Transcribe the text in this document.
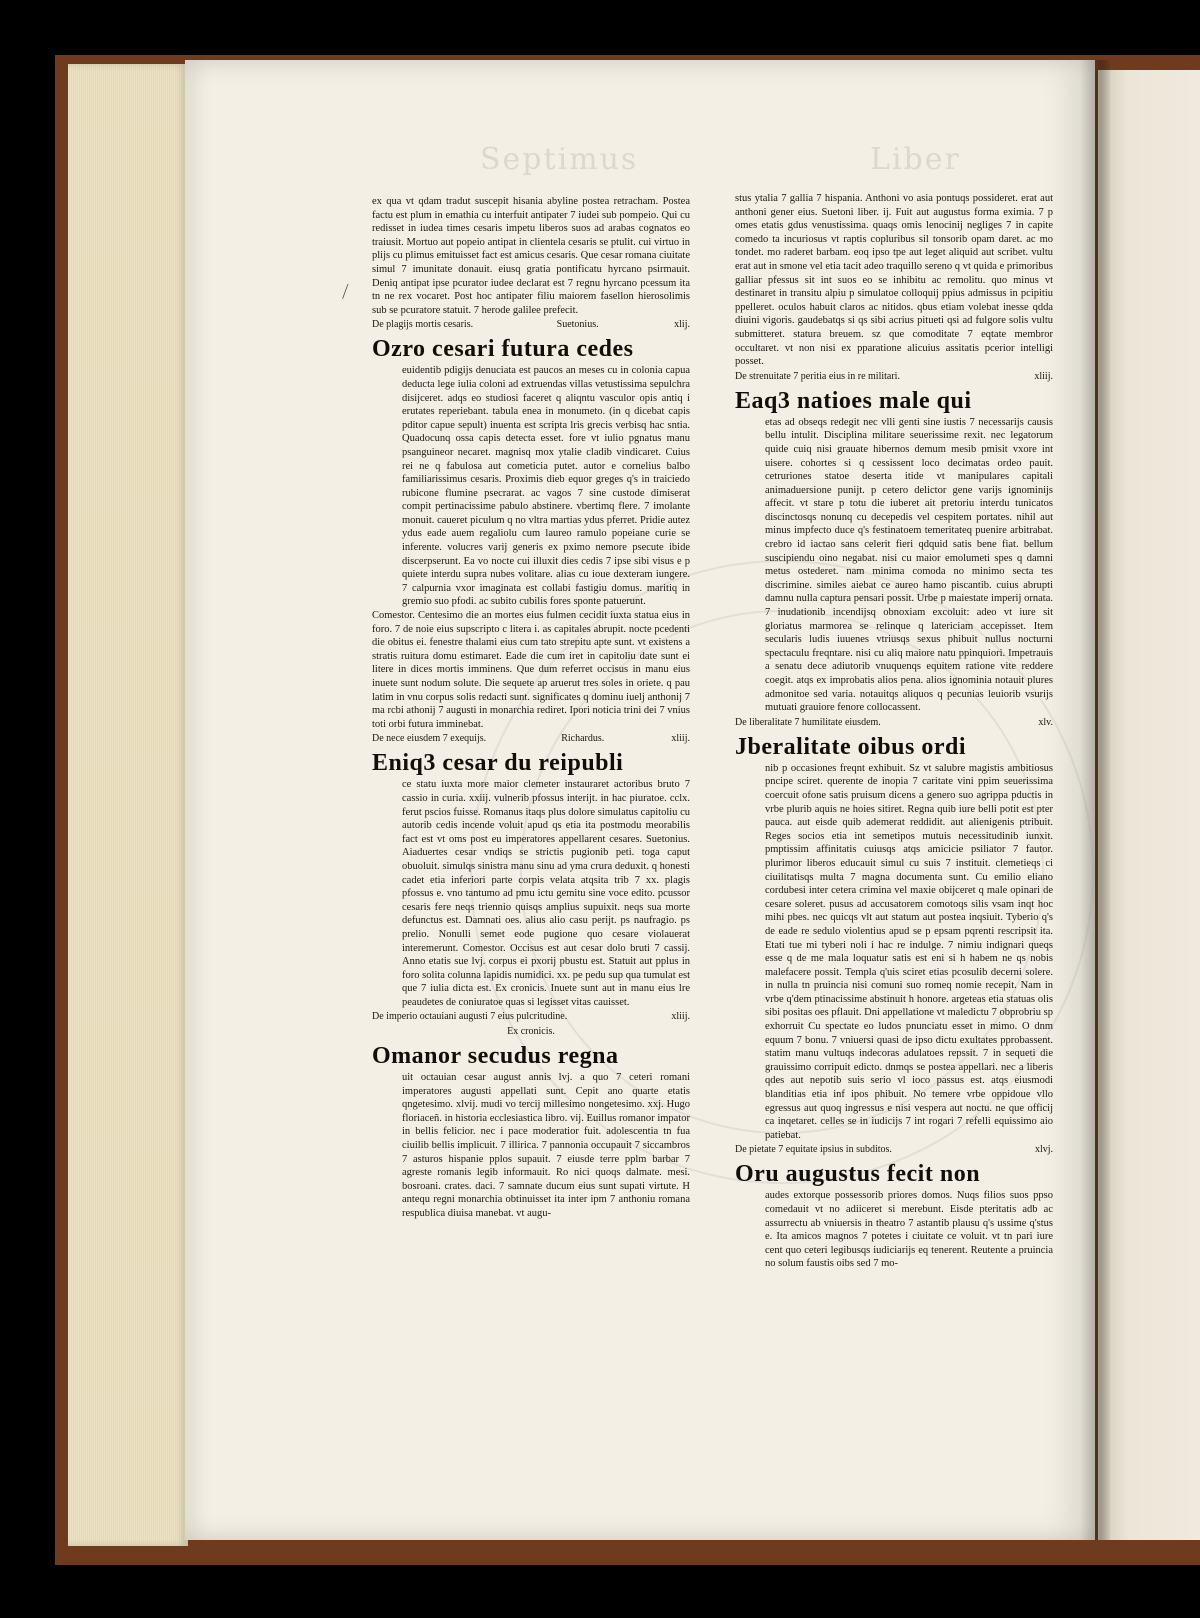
Septimus	Liber
⟋

ex qua vt qdam tradut suscepit hisania abyline postea retracham. Postea factu est plum in emathia cu interfuit antipater 7 iudei sub pompeio. Qui cu redisset in iudea times cesaris impetu liberos suos ad arabas cognatos eo traiusit. Mortuo aut popeio antipat in clientela cesaris se ptulit. cui virtuo in plijs cu plimus emituisset fact est amicus cesaris. Que cesar romana ciuitate simul 7 imunitate donauit. eiusq gratia pontificatu hyrcano psirmauit. Deniq antipat ipse pcurator iudee declarat est 7 regnu hyrcano pcessum ita tn ne rex vocaret. Post hoc antipater filiu maiorem fasellon hierosolimis sub se pcuratore statuit. 7 herode galilee prefecit.

De plagijs mortis cesaris.	Suetonius.	xlij.
Ozro cesari futura cedes

euidentib pdigijs denuciata est paucos an meses cu in colonia capua deducta lege iulia coloni ad extruendas villas vetustissima sepulchra disijceret. adqs eo studiosi faceret q aliqntu vasculor opis antiq i erutates reperiebant. tabula enea in monumeto. (in q dicebat capis pditor capue sepult) inuenta est scripta lris grecis verbisq hac sntia. Quadocunq ossa capis detecta esset. fore vt iulio pgnatus manu psanguineor necaret. magnisq mox ytalie cladib vindicaret. Cuius rei ne q fabulosa aut cometicia putet. autor e cornelius balbo familiarissimus cesaris. Proximis dieb equor greges q's in traiciedo rubicone flumine psecrarat. ac vagos 7 sine custode dimiserat compit pertinacissime pabulo abstinere. vbertimq flere. 7 imolante monuit. caueret piculum q no vltra martias ydus pferret. Pridie autez ydus eade auem regaliolu cum laureo ramulo popeiane curie se inferente. volucres varij generis ex pximo nemore psecute ibide discerpserunt. Ea vo nocte cui illuxit dies cedis 7 ipse sibi visus e p quiete interdu supra nubes volitare. alias cu ioue dexteram iungere. 7 calpurnia vxor imaginata est collabi fastigiu domus. maritiq in gremio suo pfodi. ac subito cubilis fores sponte patuerunt.

Comestor. Centesimo die an mortes eius fulmen cecidit iuxta statua eius in foro. 7 de noie eius supscripto c litera i. as capitales abrupit. nocte pcedenti die obitus ei. fenestre thalami eius cum tato strepitu apte sunt. vt existens a stratis ruitura domu estimaret. Eade die cum iret in capitoliu date sunt ei litere in dices mortis imminens. Que dum referret occisus in manu eius inuete sunt nodum solute. Die sequete ap aruerut tres soles in oriete. q pau latim in vnu corpus solis redacti sunt. significates q dominu iuelj anthonij 7 ma rcbi athonij 7 augusti in monarchia rediret. Ipori noticia trini dei 7 vnius toti orbi futura imminebat.

De nece eiusdem 7 exequijs.	Richardus.	xliij.
Eniq3 cesar du reipubli

ce statu iuxta more maior clemeter instauraret actoribus bruto 7 cassio in curia. xxiij. vulnerib pfossus interijt. in hac piuratoe. cclx. ferut pscios fuisse. Romanus itaqs plus dolore simulatus capitoliu cu autorib cedis incende voluit apud qs etia ita postmodu meorabilis fact est vt oms post eu imperatores appellarent cesares. Suetonius. Aiaduertes cesar vndiqs se strictis pugionib peti. toga caput obuoluit. simulqs sinistra manu sinu ad yma crura deduxit. q honesti cadet etia inferiori parte corpis velata atqsita trib 7 xx. plagis pfossus e. vno tantumo ad pmu ictu gemitu sine voce edito. pcussor cesaris fere neqs triennio quisqs amplius supuixit. neqs sua morte defunctus est. Damnati oes. alius alio casu perijt. ps naufragio. ps prelio. Nonulli semet eode pugione quo cesare violauerat interemerunt. Comestor. Occisus est aut cesar dolo bruti 7 cassij. Anno etatis sue lvj. corpus ei pxorij pbustu est. Statuit aut pplus in foro solita colunna lapidis numidici. xx. pe pedu sup qua tumulat est que 7 iulia dicta est. Ex cronicis. Inuete sunt aut in manu eius lre peaudetes de coniuratoe quas si legisset vitas cauisset.

De imperio octauiani augusti 7 eius pulcritudine.	xliij.
Ex cronicis.
Omanor secudus regna

uit octauian cesar august annis lvj. a quo 7 ceteri romani imperatores augusti appellati sunt. Cepit ano quarte etatis qngetesimo. xlvij. mudi vo tercij millesimo nongetesimo. xxj. Hugo floriaceñ. in historia ecclesiastica libro. vij. Euillus romanor impator in bellis felicior. nec i pace moderatior fuit. adolescentia tn fua ciuilib bellis implicuit. 7 illirica. 7 pannonia occupauit 7 siccambros 7 asturos hispanie pplos supauit. 7 eiusde terre pplm barbar 7 agreste romanis legib informauit. Ro nici quoqs dalmate. mesi. bosroani. crates. daci. 7 samnate ducum eius sunt supati virtute. H antequ regni monarchia obtinuisset ita inter ipm 7 anthoniu romana respublica diuisa manebat. vt augu-

stus ytalia 7 gallia 7 hispania. Anthoni vo asia pontuqs possideret. erat aut anthoni gener eius. Suetoni liber. ij. Fuit aut augustus forma eximia. 7 p omes etatis gdus venustissima. quaqs omis lenocinij negliges 7 in capite comedo ta incuriosus vt raptis copluribus sil tonsorib opam daret. ac mo tondet. mo raderet barbam. eoq ipso tpe aut leget aliquid aut scribet. vultu erat aut in smone vel etia tacit adeo traquillo sereno q vt quida e primoribus galliar pfessus sit int suos eo se inhibitu ac remolitu. quo minus vt destinaret in transitu alpiu p simulatoe colloquij ppius admissus in pcipitiu ppelleret. oculos habuit claros ac nitidos. qbus etiam volebat inesse qdda diuini vigoris. gaudebatqs si qs sibi acrius pitueti qsi ad fulgore solis vultu submitteret. statura breuem. sz que comoditate 7 eqtate membror occultaret. vt non nisi ex pparatione alicuius assitatis pcerior intelligi posset.

De strenuitate 7 peritia eius in re militari.	xliij.
Eaq3 natioes male qui

etas ad obseqs redegit nec vlli genti sine iustis 7 necessarijs causis bellu intulit. Disciplina militare seuerissime rexit. nec legatorum quide cuiq nisi grauate hibernos demum mesib pmisit vxore int uisere. cohortes si q cessissent loco decimatas ordeo pauit. cetruriones statoe deserta itide vt manipulares capitali animaduersione punijt. p cetero delictor gene varijs ignominijs affecit. vt stare p totu die iuberet ait pretoriu interdu tunicatos discinctosqs nonunq cu decepedis vel cespitem portates. nihil aut minus impfecto duce q's festinatoem temeritateq puenire arbitrabat. crebro id iactao sans celerit fieri qdquid satis bene fiat. bellum suscipiendu oino negabat. nisi cu maior emolumeti spes q damni metus ostederet. nam minima comoda no minimo secta tes discrimine. similes aiebat ce aureo hamo piscantib. cuius abrupti damnu nulla captura pensari possit. Urbe p maiestate imperij ornata. 7 inudationib incendijsq obnoxiam excoluit: adeo vt iure sit gloriatus marmorea se relinque q latericiam accepisset. Item secularis ludis iuuenes vtriusqs sexus phibuit nullus nocturni spectaculu freqntare. nisi cu aliq maiore natu ppinquiori. Impetrauis a senatu dece adiutorib vnuquenqs equitem ratione vite reddere coegit. atqs ex improbatis alios pena. alios ignominia notauit plures admonitoe sed varia. notauitqs aliquos q pecunias leuiorib vsurijs mutuati grauiore fenore collocassent.

De liberalitate 7 humilitate eiusdem.	xlv.
Jberalitate oibus ordi

nib p occasiones freqnt exhibuit. Sz vt salubre magistis ambitiosus pncipe sciret. querente de inopia 7 caritate vini ppim seuerissima coercuit ofone satis pruisum dicens a genero suo agrippa pductis in vrbe plurib aquis ne hoies sitiret. Regna quib iure belli potit est pter pauca. aut eisde quib ademerat reddidit. aut alienigenis ptribuit. Reges socios etia int semetipos mutuis necessitudinib iunxit. pmptissim affinitatis cuiusqs atqs amicicie psiliator 7 fautor. plurimor liberos educauit simul cu suis 7 instituit. clemetieqs ci ciuilitatisqs multa 7 magna documenta sunt. Cu emilio eliano cordubesi inter cetera crimina vel maxie obijceret q male opinari de cesare soleret. pusus ad accusatorem comotoqs silis vsam inqt hoc mihi pbes. nec quicqs vlt aut statum aut postea inqsiuit. Tyberio q's de eade re sedulo violentius apud se p epsam pqrenti rescripsit ita. Etati tue mi tyberi noli i hac re indulge. 7 nimiu indignari queqs esse q de me mala loquatur satis est eni si h habem ne qs nobis malefacere possit. Templa q'uis sciret etias pcosulib decerni solere. in nulla tn pruincia nisi comuni suo romeq nomie recepit. Nam in vrbe q'dem ptinacissime abstinuit h honore. argeteas etia statuas olis sibi positas oes pflauit. Dni appellatione vt maledictu 7 obprobriu sp exhorruit Cu spectate eo ludos pnunciatu esset in mimo. O dnm equum 7 bonu. 7 vniuersi quasi de ipso dictu exultates pprobassent. statim manu vultuqs indecoras adulatoes repssit. 7 in sequeti die grauissimo corripuit edicto. dnmqs se postea appellari. nec a liberis qdes aut nepotib suis serio vl ioco passus est. atqs eiusmodi blanditias etia inf ipos phibuit. No temere vrbe oppidoue vllo egressus aut quoq ingressus e nisi vespera aut noctu. ne que officij ca inqetaret. celles se in iudicijs 7 int rogari 7 refelli equissimo aio patiebat.

De pietate 7 equitate ipsius in subditos.	xlvj.
Oru augustus fecit non

audes extorque possessorib priores domos. Nuqs filios suos ppso comedauit vt no adiiceret si merebunt. Eisde pteritatis adb ac assurrectu ab vniuersis in theatro 7 astantib plausu q's ussime q'stus e. Ita amicos magnos 7 potetes i ciuitate ce voluit. vt tn pari iure cent quo ceteri legibusqs iudiciarijs eq tenerent. Reutente a pruincia no solum faustis oibs sed 7 mo-
